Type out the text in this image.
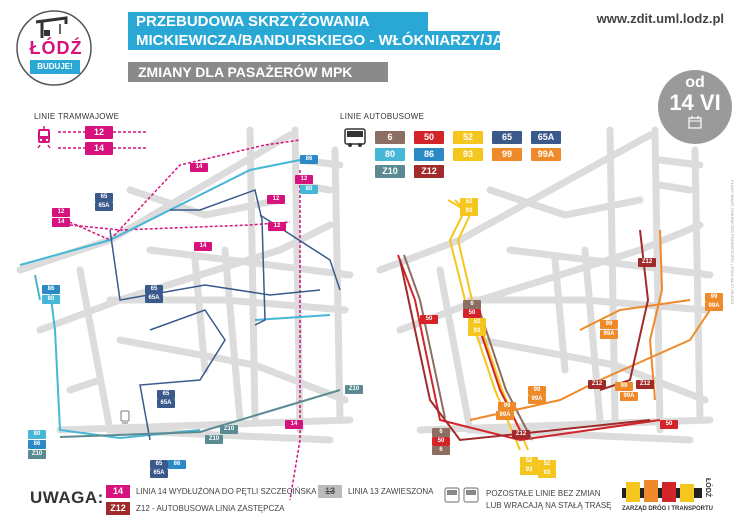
ŁÓDŹ
BUDUJE!
PRZEBUDOWA SKRZYŻOWANIA
MICKIEWICZA/BANDURSKIEGO - WŁÓKNIARZY/JANA PAWŁA II
ZMIANY DLA PASAŻERÓW MPK
www.zdit.uml.lodz.pl
od
14 VI
LINIE TRAMWAJOWE
12
14
LINIE AUTOBUSOWE
6	50	52	65	65A
80	86	93	99	99A
Z10	Z12
14
12
14
12
14
12
86
80
86
80
65
65A
65
65A
65
65A
Z10
80
86
Z10
Z10
Z10
14
65
65A
86
12
52
93
6
50
50	52
93
6
50
99
99A
Z12	99
99A
Z12
99
99A
6
99
99A
Z12
52
93
50
99
99A
Z12
52
93
UWAGA:	14	LINIA 14 WYDŁUŻONA DO PĘTLI SZCZECIŃSKA 13	LINIA 13 ZAWIESZONA
Z12	Z12 - AUTOBUSOWA LINIA ZASTĘPCZA
POZOSTAŁE LINIE BEZ ZMIAN
LUB WRACAJĄ NA STAŁĄ TRASĘ
ŁÓDŹ
ZARZĄD DRÓG I TRANSPORTU
PLANY MIAST: CHARAKTER POGRAFICZNY | STAN NA 07.06.2015
